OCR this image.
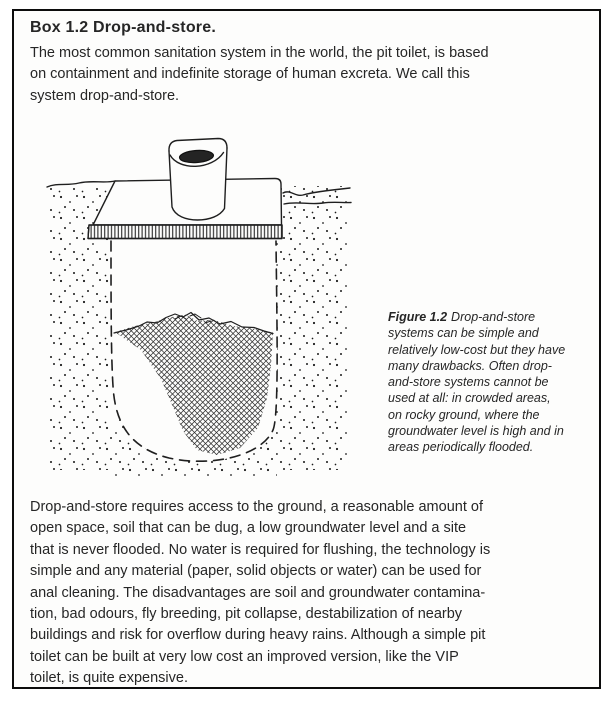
Box 1.2 Drop-and-store.
The most common sanitation system in the world, the pit toilet, is based
on containment and indefinite storage of human excreta. We call this
system drop-and-store.
Figure 1.2 Drop-and-store
systems can be simple and
relatively low-cost but they have
many drawbacks. Often drop-
and-store systems cannot be
used at all: in crowded areas,
on rocky ground, where the
groundwater level is high and in
areas periodically flooded.
Drop-and-store requires access to the ground, a reasonable amount of
open space, soil that can be dug, a low groundwater level and a site
that is never flooded. No water is required for flushing, the technology is
simple and any material (paper, solid objects or water) can be used for
anal cleaning. The disadvantages are soil and groundwater contamina-
tion, bad odours, fly breeding, pit collapse, destabilization of nearby
buildings and risk for overflow during heavy rains. Although a simple pit
toilet can be built at very low cost an improved version, like the VIP
toilet, is quite expensive.
